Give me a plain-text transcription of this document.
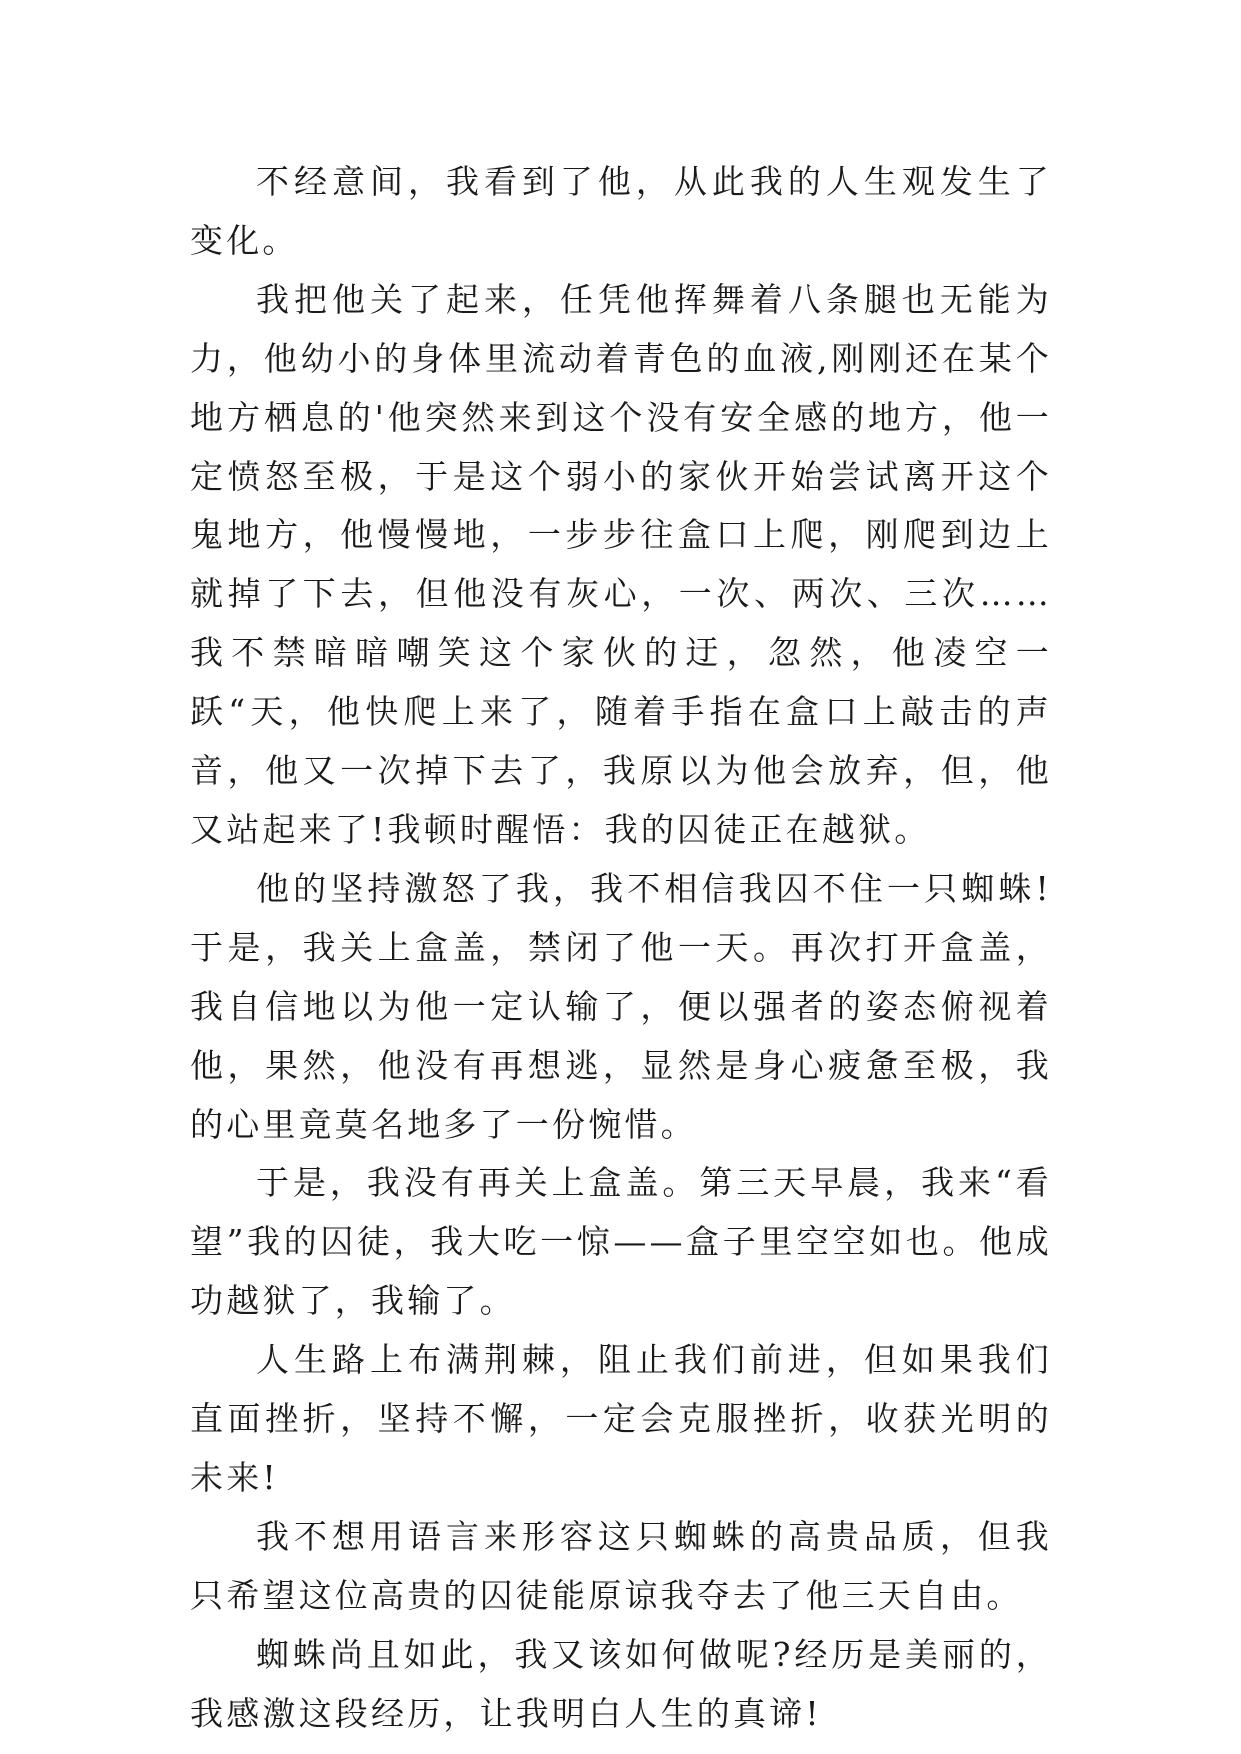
不经意间，我看到了他，从此我的人生观发生了变化。

我把他关了起来，任凭他挥舞着八条腿也无能为力，他幼小的身体里流动着青色的血液,刚刚还在某个地方栖息的'他突然来到这个没有安全感的地方，他一定愤怒至极，于是这个弱小的家伙开始尝试离开这个鬼地方，他慢慢地，一步步往盒口上爬，刚爬到边上就掉了下去，但他没有灰心，一次、两次、三次……我不禁暗暗嘲笑这个家伙的迂，忽然，他凌空一跃“天，他快爬上来了，随着手指在盒口上敲击的声音，他又一次掉下去了，我原以为他会放弃，但，他又站起来了!我顿时醒悟：我的囚徒正在越狱。

他的坚持激怒了我，我不相信我囚不住一只蜘蛛!于是，我关上盒盖，禁闭了他一天。再次打开盒盖，我自信地以为他一定认输了，便以强者的姿态俯视着他，果然，他没有再想逃，显然是身心疲惫至极，我的心里竟莫名地多了一份惋惜。

于是，我没有再关上盒盖。第三天早晨，我来“看望”我的囚徒，我大吃一惊——盒子里空空如也。他成功越狱了，我输了。

人生路上布满荆棘，阻止我们前进，但如果我们直面挫折，坚持不懈，一定会克服挫折，收获光明的未来!

我不想用语言来形容这只蜘蛛的高贵品质，但我只希望这位高贵的囚徒能原谅我夺去了他三天自由。

蜘蛛尚且如此，我又该如何做呢?经历是美丽的，我感激这段经历，让我明白人生的真谛!
